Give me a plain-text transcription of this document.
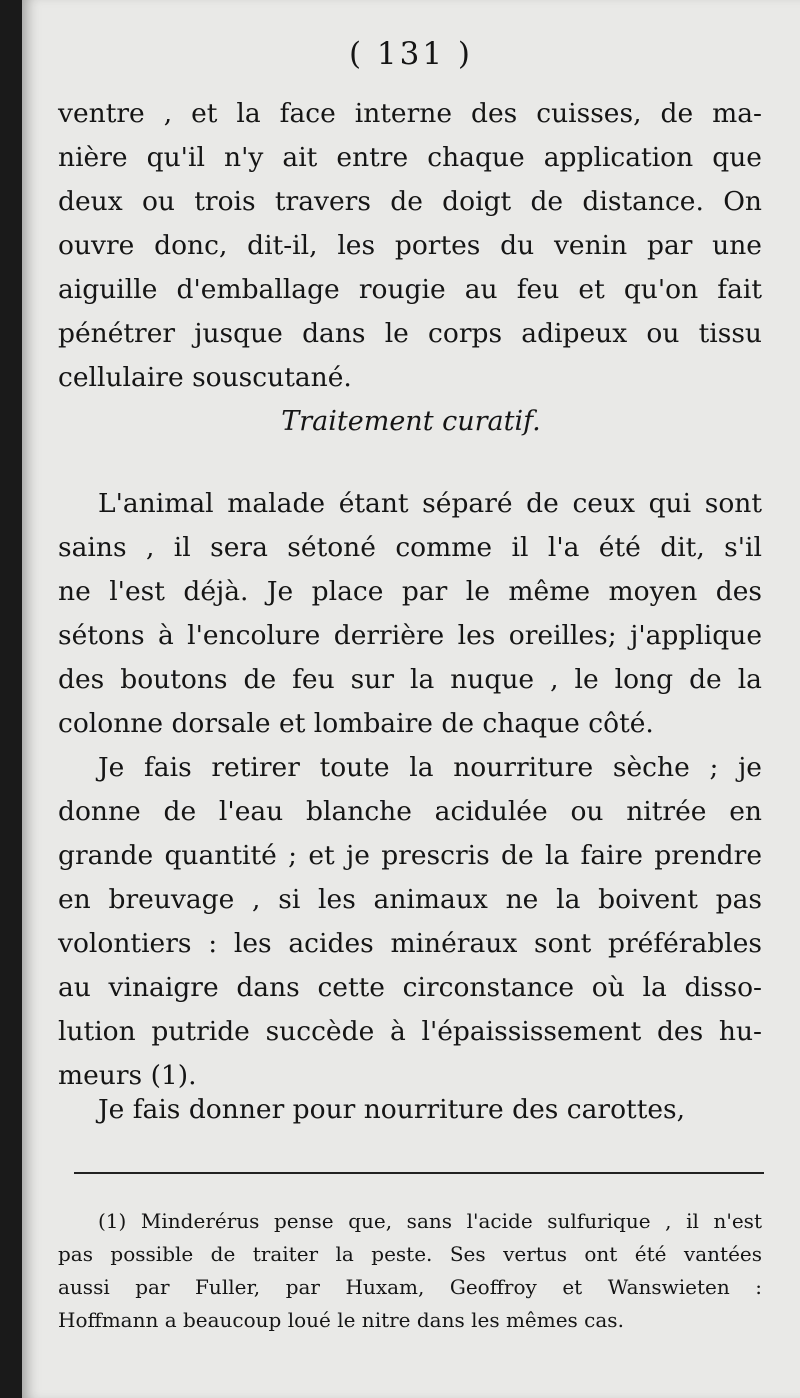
( 131 )

ventre , et la face interne des cuisses, de ma-
nière qu'il n'y ait entre chaque application que
deux ou trois travers de doigt de distance. On
ouvre donc, dit-il, les portes du venin par une
aiguille d'emballage rougie au feu et qu'on fait
pénétrer jusque dans le corps adipeux ou tissu
cellulaire souscutané.

Traitement curatif.

L'animal malade étant séparé de ceux qui sont
sains , il sera sétoné comme il l'a été dit, s'il
ne l'est déjà. Je place par le même moyen des
sétons à l'encolure derrière les oreilles; j'applique
des boutons de feu sur la nuque , le long de la
colonne dorsale et lombaire de chaque côté.

Je fais retirer toute la nourriture sèche ; je
donne de l'eau blanche acidulée ou nitrée en
grande quantité ; et je prescris de la faire prendre
en breuvage , si les animaux ne la boivent pas
volontiers : les acides minéraux sont préférables
au vinaigre dans cette circonstance où la disso-
lution putride succède à l'épaississement des hu-
meurs (1).

Je fais donner pour nourriture des carottes,

(1) Minderérus pense que, sans l'acide sulfurique , il n'est
pas possible de traiter la peste. Ses vertus ont été vantées
aussi par Fuller, par Huxam, Geoffroy et Wanswieten :
Hoffmann a beaucoup loué le nitre dans les mêmes cas.
